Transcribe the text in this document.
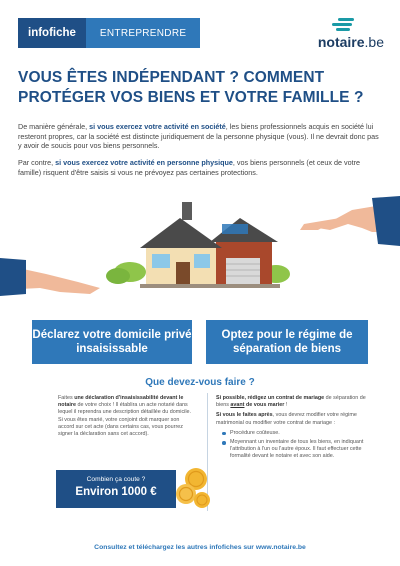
infofiche	ENTREPRENDRE
notaire.be
VOUS ÊTES INDÉPENDANT ? COMMENT PROTÉGER VOS BIENS ET VOTRE FAMILLE ?

De manière générale, si vous exercez votre activité en société, les biens professionnels acquis en société lui resteront propres, car la société est distincte juridiquement de la personne physique (vous). Il ne devrait donc pas y avoir de soucis pour vos biens personnels.

Par contre, si vous exercez votre activité en personne physique, vos biens personnels (et ceux de votre famille) risquent d'être saisis si vous ne prévoyez pas certaines protections.

Déclarez votre domicile privé insaisissable
Optez pour le régime de séparation de biens
Que devez-vous faire ?
Faites une déclaration d'insaisissabilité devant le notaire de votre choix ! Il établira un acte notarié dans lequel il reprendra une description détaillée du domicile. Si vous êtes marié, votre conjoint doit marquer son accord sur cet acte (dans certains cas, vous pourrez signer la déclaration sans cet accord).

Si possible, rédigez un contrat de mariage de séparation de biens avant de vous marier !

Si vous le faites après, vous devrez modifier votre régime matrimonial ou modifier votre contrat de mariage :

Procédure coûteuse.
Moyennant un inventaire de tous les biens, en indiquant l'attribution à l'un ou l'autre époux. Il faut effectuer cette formalité devant le notaire et avec son aide.
Combien ça coute ?
Environ 1000 €
Consultez et téléchargez les autres infofiches sur www.notaire.be
